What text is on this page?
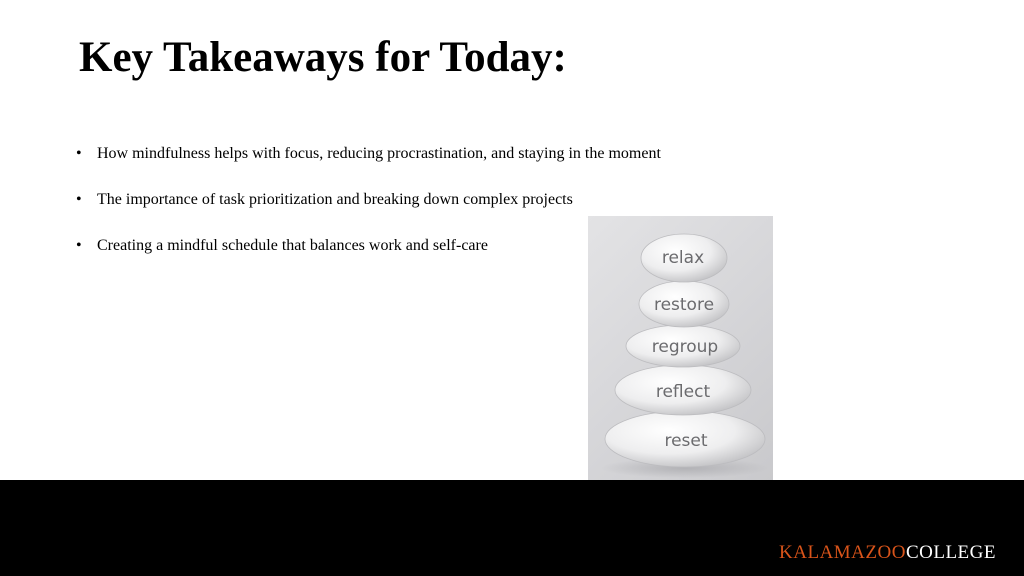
Key Takeaways for Today:
• How mindfulness helps with focus, reducing procrastination, and staying in the moment
• The importance of task prioritization and breaking down complex projects
• Creating a mindful schedule that balances work and self-care
relax
restore
regroup
reflect
reset
KALAMAZOOCOLLEGE
